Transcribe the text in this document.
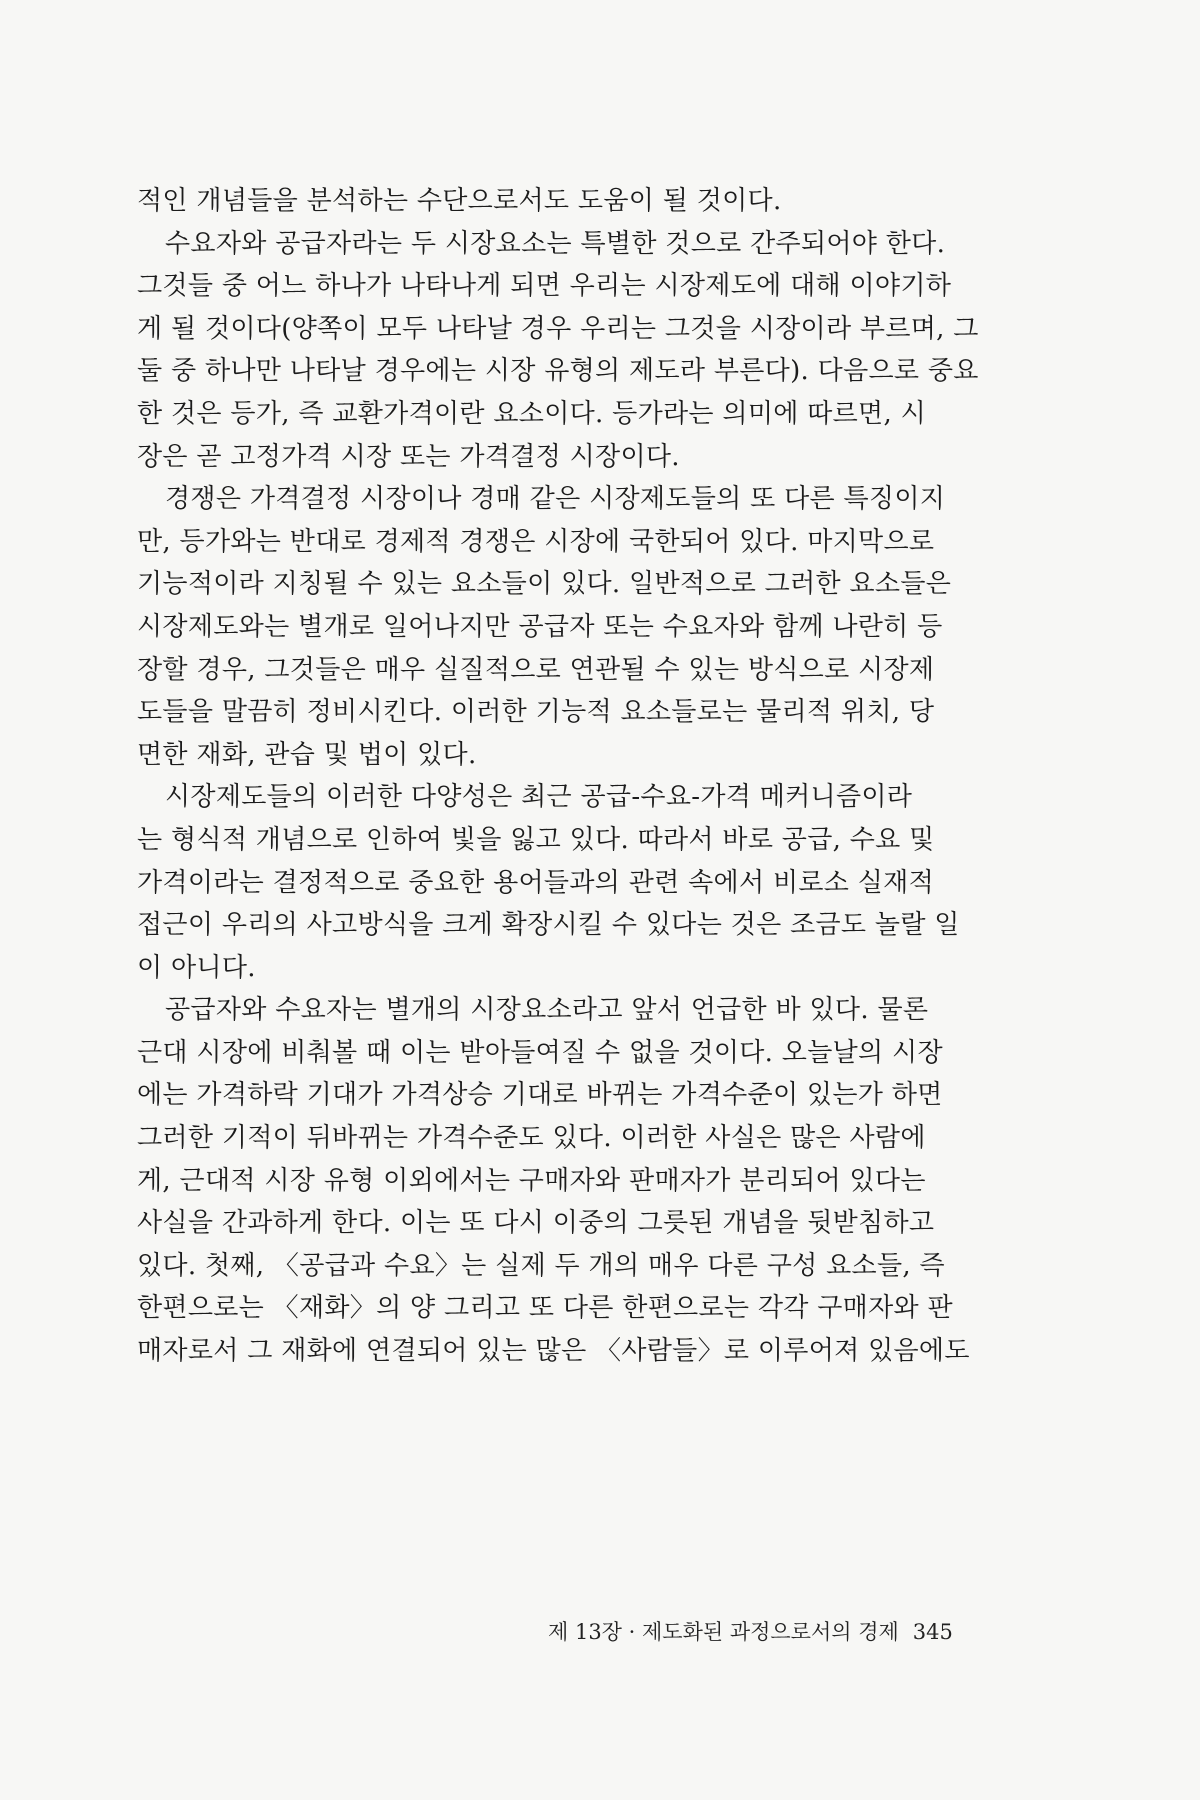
적인 개념들을 분석하는 수단으로서도 도움이 될 것이다.
수요자와 공급자라는 두 시장요소는 특별한 것으로 간주되어야 한다.
그것들 중 어느 하나가 나타나게 되면 우리는 시장제도에 대해 이야기하
게 될 것이다(양쪽이 모두 나타날 경우 우리는 그것을 시장이라 부르며, 그
둘 중 하나만 나타날 경우에는 시장 유형의 제도라 부른다). 다음으로 중요
한 것은 등가, 즉 교환가격이란 요소이다. 등가라는 의미에 따르면, 시
장은 곧 고정가격 시장 또는 가격결정 시장이다.
경쟁은 가격결정 시장이나 경매 같은 시장제도들의 또 다른 특징이지
만, 등가와는 반대로 경제적 경쟁은 시장에 국한되어 있다. 마지막으로
기능적이라 지칭될 수 있는 요소들이 있다. 일반적으로 그러한 요소들은
시장제도와는 별개로 일어나지만 공급자 또는 수요자와 함께 나란히 등
장할 경우, 그것들은 매우 실질적으로 연관될 수 있는 방식으로 시장제
도들을 말끔히 정비시킨다. 이러한 기능적 요소들로는 물리적 위치, 당
면한 재화, 관습 및 법이 있다.
시장제도들의 이러한 다양성은 최근 공급-수요-가격 메커니즘이라
는 형식적 개념으로 인하여 빛을 잃고 있다. 따라서 바로 공급, 수요 및
가격이라는 결정적으로 중요한 용어들과의 관련 속에서 비로소 실재적
접근이 우리의 사고방식을 크게 확장시킬 수 있다는 것은 조금도 놀랄 일
이 아니다.
공급자와 수요자는 별개의 시장요소라고 앞서 언급한 바 있다. 물론
근대 시장에 비춰볼 때 이는 받아들여질 수 없을 것이다. 오늘날의 시장
에는 가격하락 기대가 가격상승 기대로 바뀌는 가격수준이 있는가 하면
그러한 기적이 뒤바뀌는 가격수준도 있다. 이러한 사실은 많은 사람에
게, 근대적 시장 유형 이외에서는 구매자와 판매자가 분리되어 있다는
사실을 간과하게 한다. 이는 또 다시 이중의 그릇된 개념을 뒷받침하고
있다. 첫째, 〈공급과 수요〉는 실제 두 개의 매우 다른 구성 요소들, 즉
한편으로는 〈재화〉의 양 그리고 또 다른 한편으로는 각각 구매자와 판
매자로서 그 재화에 연결되어 있는 많은 〈사람들〉로 이루어져 있음에도
제 13장 · 제도화된 과정으로서의 경제 345
